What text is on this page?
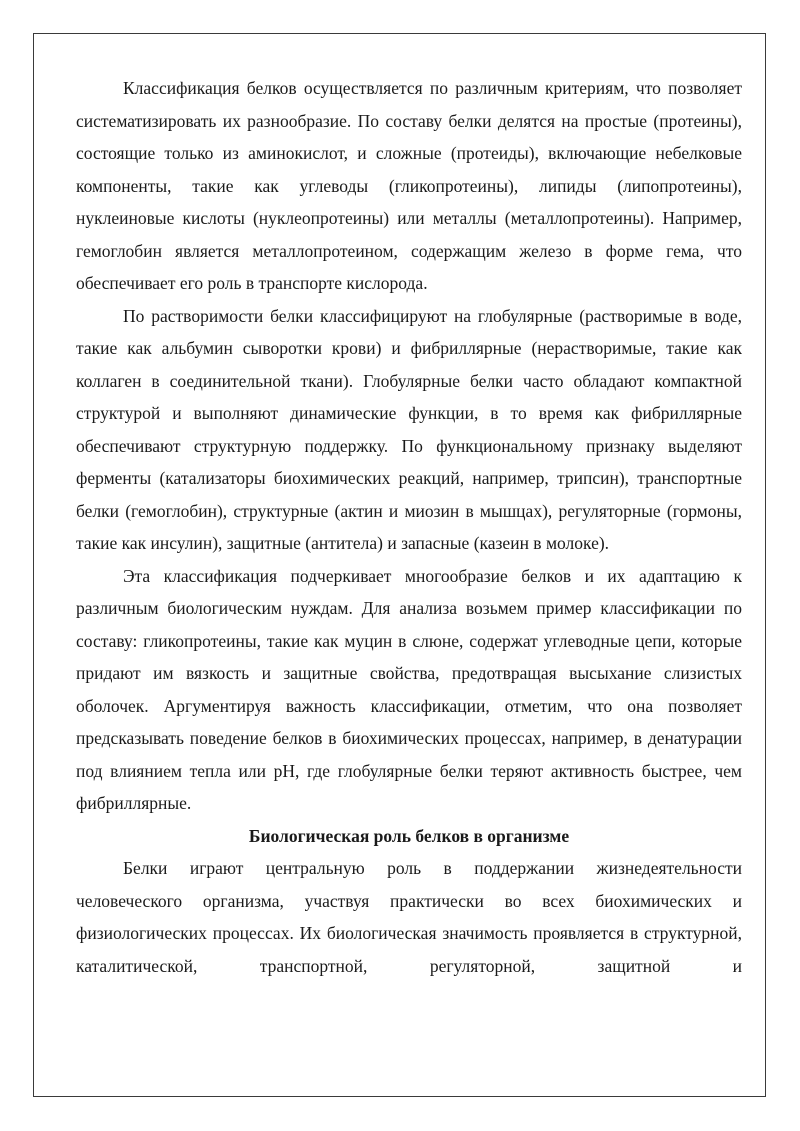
Классификация белков осуществляется по различным критериям, что позволяет систематизировать их разнообразие. По составу белки делятся на простые (протеины), состоящие только из аминокислот, и сложные (протеиды), включающие небелковые компоненты, такие как углеводы (гликопротеины), липиды (липопротеины), нуклеиновые кислоты (нуклеопротеины) или металлы (металлопротеины). Например, гемоглобин является металлопротеином, содержащим железо в форме гема, что обеспечивает его роль в транспорте кислорода.

По растворимости белки классифицируют на глобулярные (растворимые в воде, такие как альбумин сыворотки крови) и фибриллярные (нерастворимые, такие как коллаген в соединительной ткани). Глобулярные белки часто обладают компактной структурой и выполняют динамические функции, в то время как фибриллярные обеспечивают структурную поддержку. По функциональному признаку выделяют ферменты (катализаторы биохимических реакций, например, трипсин), транспортные белки (гемоглобин), структурные (актин и миозин в мышцах), регуляторные (гормоны, такие как инсулин), защитные (антитела) и запасные (казеин в молоке).

Эта классификация подчеркивает многообразие белков и их адаптацию к различным биологическим нуждам. Для анализа возьмем пример классификации по составу: гликопротеины, такие как муцин в слюне, содержат углеводные цепи, которые придают им вязкость и защитные свойства, предотвращая высыхание слизистых оболочек. Аргументируя важность классификации, отметим, что она позволяет предсказывать поведение белков в биохимических процессах, например, в денатурации под влиянием тепла или pH, где глобулярные белки теряют активность быстрее, чем фибриллярные.

Биологическая роль белков в организме

Белки играют центральную роль в поддержании жизнедеятельности человеческого организма, участвуя практически во всех биохимических и физиологических процессах. Их биологическая значимость проявляется в структурной, каталитической, транспортной, регуляторной, защитной и
